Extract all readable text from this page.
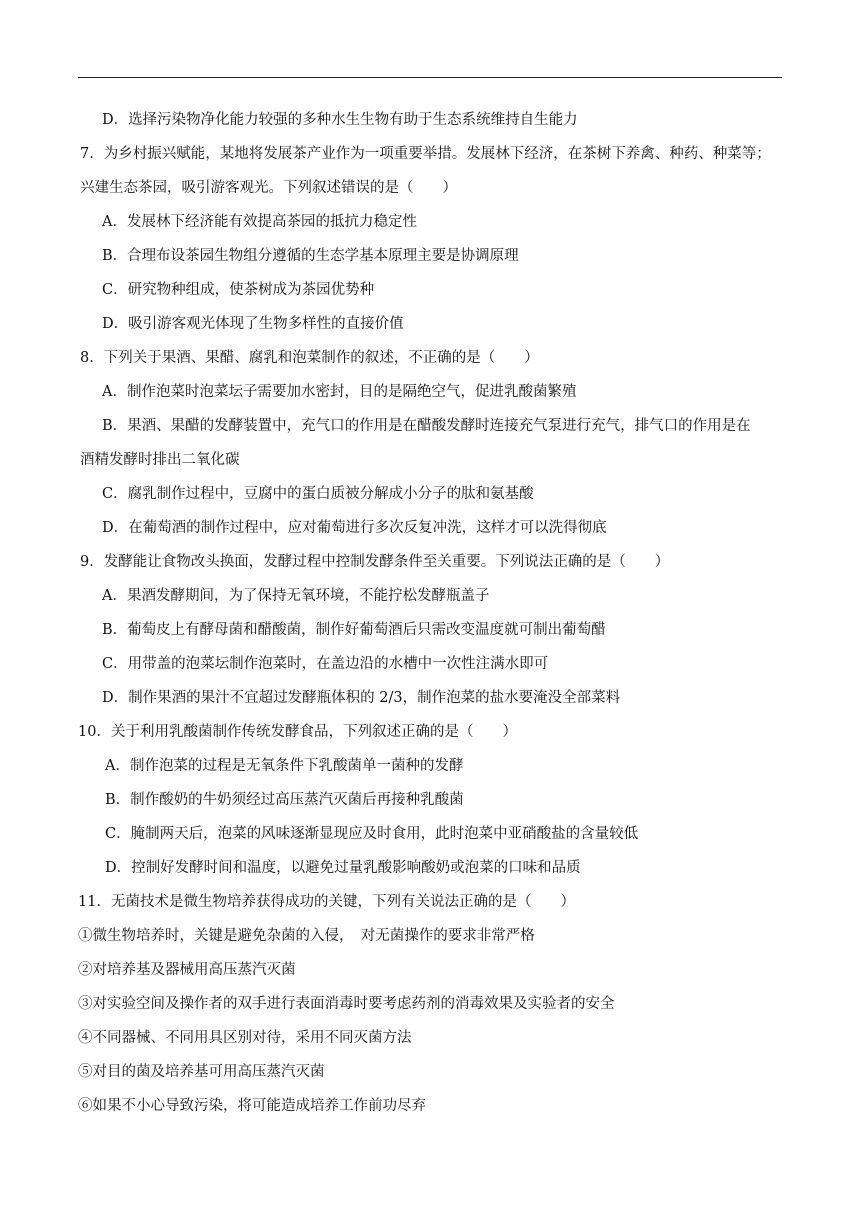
D．选择污染物净化能力较强的多种水生生物有助于生态系统维持自生能力
7．为乡村振兴赋能，某地将发展茶产业作为一项重要举措。发展林下经济，在茶树下养禽、种药、种菜等；
兴建生态茶园，吸引游客观光。下列叙述错误的是（　　）
A．发展林下经济能有效提高茶园的抵抗力稳定性
B．合理布设茶园生物组分遵循的生态学基本原理主要是协调原理
C．研究物种组成，使茶树成为茶园优势种
D．吸引游客观光体现了生物多样性的直接价值
8．下列关于果酒、果醋、腐乳和泡菜制作的叙述，不正确的是（　　）
A．制作泡菜时泡菜坛子需要加水密封，目的是隔绝空气，促进乳酸菌繁殖
B．果酒、果醋的发酵装置中，充气口的作用是在醋酸发酵时连接充气泵进行充气，排气口的作用是在
酒精发酵时排出二氧化碳
C．腐乳制作过程中，豆腐中的蛋白质被分解成小分子的肽和氨基酸
D．在葡萄酒的制作过程中，应对葡萄进行多次反复冲洗，这样才可以洗得彻底
9．发酵能让食物改头换面，发酵过程中控制发酵条件至关重要。下列说法正确的是（　　）
A．果酒发酵期间，为了保持无氧环境，不能拧松发酵瓶盖子
B．葡萄皮上有酵母菌和醋酸菌，制作好葡萄酒后只需改变温度就可制出葡萄醋
C．用带盖的泡菜坛制作泡菜时，在盖边沿的水槽中一次性注满水即可
D．制作果酒的果汁不宜超过发酵瓶体积的 2/3，制作泡菜的盐水要淹没全部菜料
10．关于利用乳酸菌制作传统发酵食品，下列叙述正确的是（　　）
A．制作泡菜的过程是无氧条件下乳酸菌单一菌种的发酵
B．制作酸奶的牛奶须经过高压蒸汽灭菌后再接种乳酸菌
C．腌制两天后，泡菜的风味逐渐显现应及时食用，此时泡菜中亚硝酸盐的含量较低
D．控制好发酵时间和温度，以避免过量乳酸影响酸奶或泡菜的口味和品质
11．无菌技术是微生物培养获得成功的关键，下列有关说法正确的是（　　）
①微生物培养时，关键是避免杂菌的入侵，　对无菌操作的要求非常严格
②对培养基及器械用高压蒸汽灭菌
③对实验空间及操作者的双手进行表面消毒时要考虑药剂的消毒效果及实验者的安全
④不同器械、不同用具区别对待，采用不同灭菌方法
⑤对目的菌及培养基可用高压蒸汽灭菌
⑥如果不小心导致污染，将可能造成培养工作前功尽弃
